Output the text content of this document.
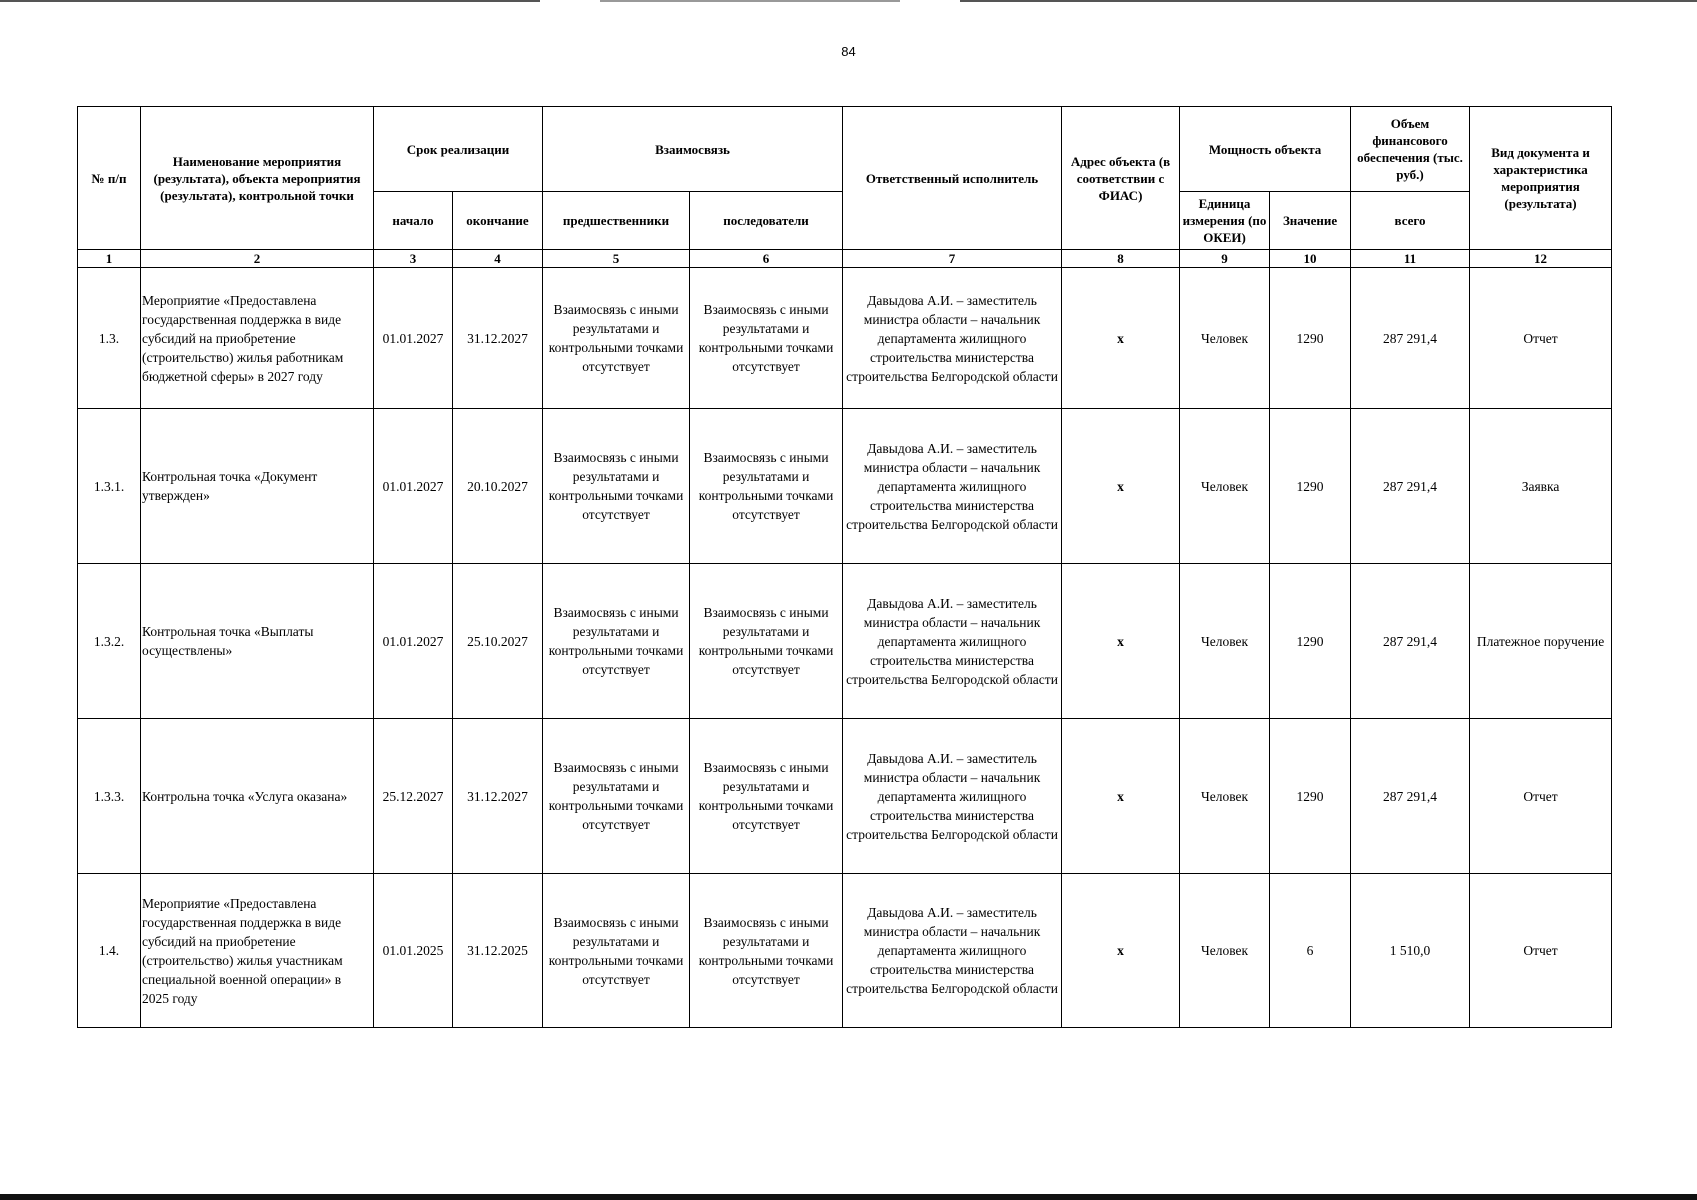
84
№ п/п	Наименование мероприятия (результата), объекта мероприятия (результата), контрольной точки	Срок реализации		Взаимосвязь		Ответственный исполнитель	Адрес объекта (в соответствии с ФИАС)	Мощность объекта		Объем финансового обеспечения (тыс. руб.)	Вид документа и характеристика мероприятия (результата)
		начало	окончание	предшественники	последователи			Единица измерения (по ОКЕИ)	Значение	всего	
1	2	3	4	5	6	7	8	9	10	11	12
1.3.	Мероприятие «Предоставлена государственная поддержка в виде субсидий на приобретение (строительство) жилья работникам бюджетной сферы» в 2027 году	01.01.2027	31.12.2027	Взаимосвязь с иными результатами и контрольными точками отсутствует	Взаимосвязь с иными результатами и контрольными точками отсутствует	Давыдова А.И. – заместитель министра области – начальник департамента жилищного строительства министерства строительства Белгородской области	x	Человек	1290	287 291,4	Отчет
1.3.1.	Контрольная точка «Документ утвержден»	01.01.2027	20.10.2027	Взаимосвязь с иными результатами и контрольными точками отсутствует	Взаимосвязь с иными результатами и контрольными точками отсутствует	Давыдова А.И. – заместитель министра области – начальник департамента жилищного строительства министерства строительства Белгородской области	x	Человек	1290	287 291,4	Заявка
1.3.2.	Контрольная точка «Выплаты осуществлены»	01.01.2027	25.10.2027	Взаимосвязь с иными результатами и контрольными точками отсутствует	Взаимосвязь с иными результатами и контрольными точками отсутствует	Давыдова А.И. – заместитель министра области – начальник департамента жилищного строительства министерства строительства Белгородской области	x	Человек	1290	287 291,4	Платежное поручение
1.3.3.	Контрольна точка «Услуга оказана»	25.12.2027	31.12.2027	Взаимосвязь с иными результатами и контрольными точками отсутствует	Взаимосвязь с иными результатами и контрольными точками отсутствует	Давыдова А.И. – заместитель министра области – начальник департамента жилищного строительства министерства строительства Белгородской области	x	Человек	1290	287 291,4	Отчет
1.4.	Мероприятие «Предоставлена государственная поддержка в виде субсидий на приобретение (строительство) жилья участникам специальной военной операции» в 2025 году	01.01.2025	31.12.2025	Взаимосвязь с иными результатами и контрольными точками отсутствует	Взаимосвязь с иными результатами и контрольными точками отсутствует	Давыдова А.И. – заместитель министра области – начальник департамента жилищного строительства министерства строительства Белгородской области	x	Человек	6	1 510,0	Отчет
